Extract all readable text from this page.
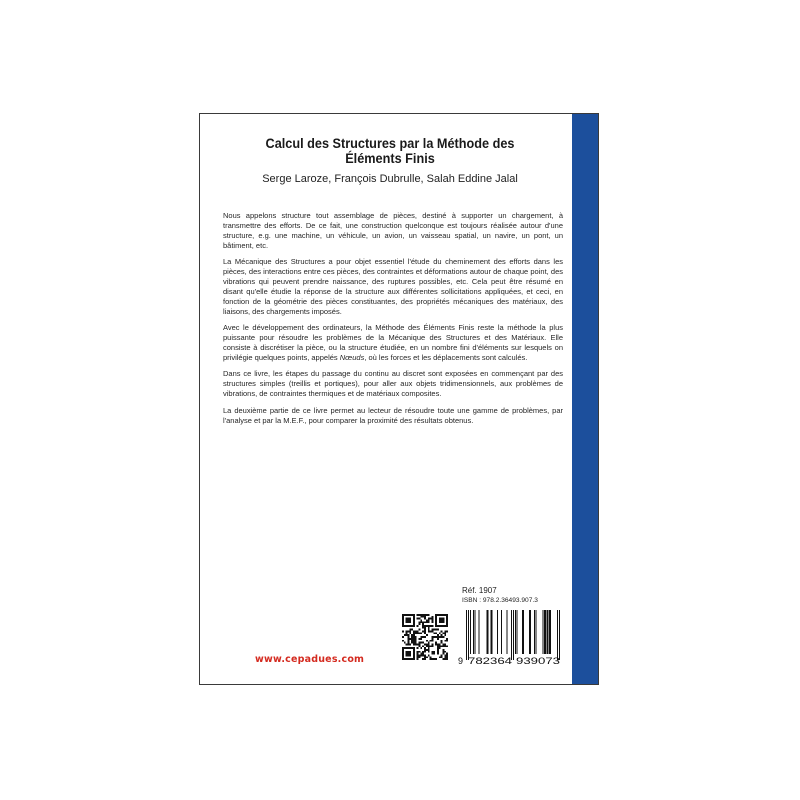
Calcul des Structures par la Méthode des
Éléments Finis
Serge Laroze, François Dubrulle, Salah Eddine Jalal

Nous appelons structure tout assemblage de pièces, destiné à supporter un chargement, à transmettre des efforts. De ce fait, une construction quelconque est toujours réalisée autour d'une structure, e.g. une machine, un véhicule, un avion, un vaisseau spatial, un navire, un pont, un bâtiment, etc.

La Mécanique des Structures a pour objet essentiel l'étude du cheminement des efforts dans les pièces, des interactions entre ces pièces, des contraintes et déformations autour de chaque point, des vibrations qui peuvent prendre naissance, des ruptures possibles, etc. Cela peut être résumé en disant qu'elle étudie la réponse de la structure aux différentes sollicitations appliquées, et ceci, en fonction de la géométrie des pièces constituantes, des propriétés mécaniques des matériaux, des liaisons, des chargements imposés.

Avec le développement des ordinateurs, la Méthode des Éléments Finis reste la méthode la plus puissante pour résoudre les problèmes de la Mécanique des Structures et des Matériaux. Elle consiste à discrétiser la pièce, ou la structure étudiée, en un nombre fini d'éléments sur lesquels on privilégie quelques points, appelés Nœuds, où les forces et les déplacements sont calculés.

Dans ce livre, les étapes du passage du continu au discret sont exposées en commençant par des structures simples (treillis et portiques), pour aller aux objets tridimensionnels, aux problèmes de vibrations, de contraintes thermiques et de matériaux composites.

La deuxième partie de ce livre permet au lecteur de résoudre toute une gamme de problèmes, par l'analyse et par la M.E.F., pour comparer la proximité des résultats obtenus.

Réf. 1907
ISBN : 978.2.36493.907.3
9 782364 939073
www.cepadues.com
